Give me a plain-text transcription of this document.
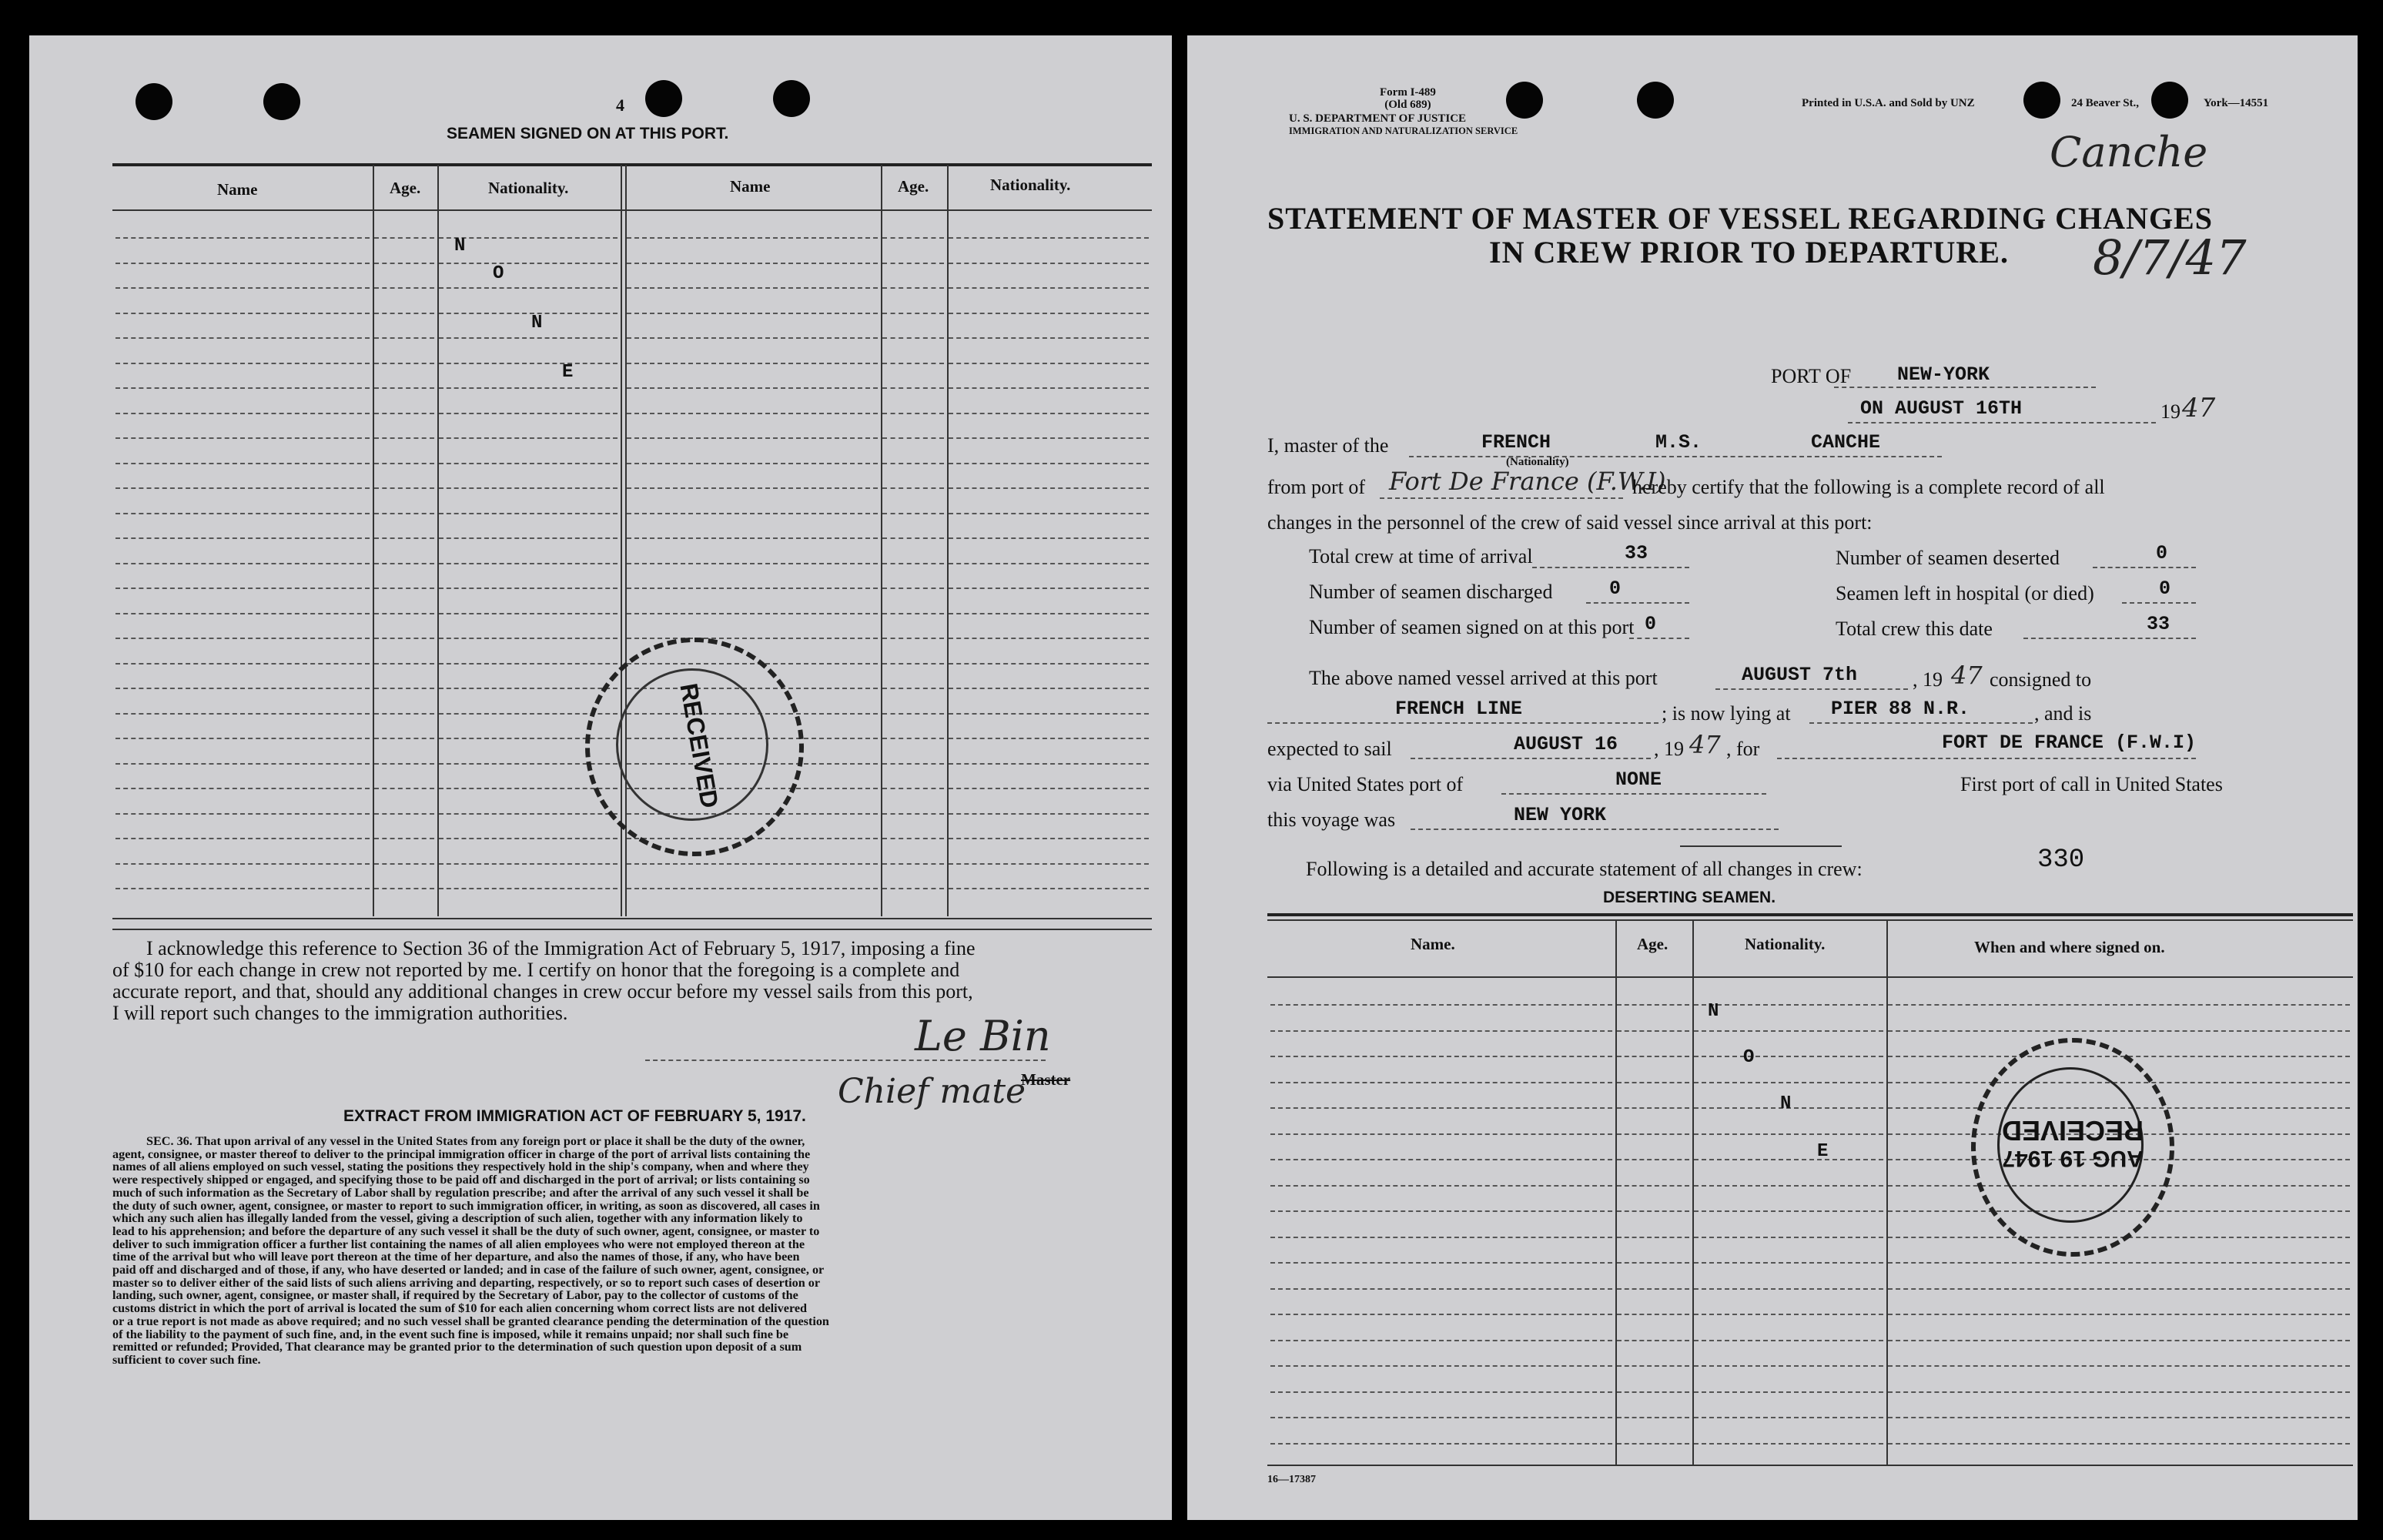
4
SEAMEN SIGNED ON AT THIS PORT.
Name	Age.	Nationality.	Name	Age.	Nationality.
N
O
N
E
RECEIVED
I acknowledge this reference to Section 36 of the Immigration Act of February 5, 1917, imposing a fine
of $10 for each change in crew not reported by me. I certify on honor that the foregoing is a complete and
accurate report, and that, should any additional changes in crew occur before my vessel sails from this port,
I will report such changes to the immigration authorities.	Le Bin
Chief mate
Master
EXTRACT FROM IMMIGRATION ACT OF FEBRUARY 5, 1917.
SEC. 36. That upon arrival of any vessel in the United States from any foreign port or place it shall be the duty of the owner,
agent, consignee, or master thereof to deliver to the principal immigration officer in charge of the port of arrival lists containing the
names of all aliens employed on such vessel, stating the positions they respectively hold in the ship's company, when and where they
were respectively shipped or engaged, and specifying those to be paid off and discharged in the port of arrival; or lists containing so
much of such information as the Secretary of Labor shall by regulation prescribe; and after the arrival of any such vessel it shall be
the duty of such owner, agent, consignee, or master to report to such immigration officer, in writing, as soon as discovered, all cases in
which any such alien has illegally landed from the vessel, giving a description of such alien, together with any information likely to
lead to his apprehension; and before the departure of any such vessel it shall be the duty of such owner, agent, consignee, or master to
deliver to such immigration officer a further list containing the names of all alien employees who were not employed thereon at the
time of the arrival but who will leave port thereon at the time of her departure, and also the names of those, if any, who have been
paid off and discharged and of those, if any, who have deserted or landed; and in case of the failure of such owner, agent, consignee, or
master so to deliver either of the said lists of such aliens arriving and departing, respectively, or so to report such cases of desertion or
landing, such owner, agent, consignee, or master shall, if required by the Secretary of Labor, pay to the collector of customs of the
customs district in which the port of arrival is located the sum of $10 for each alien concerning whom correct lists are not delivered
or a true report is not made as above required; and no such vessel shall be granted clearance pending the determination of the question
of the liability to the payment of such fine, and, in the event such fine is imposed, while it remains unpaid; nor shall such fine be
remitted or refunded; Provided, That clearance may be granted prior to the determination of such question upon deposit of a sum
sufficient to cover such fine.
Form I-489
(Old 689)
U. S. DEPARTMENT OF JUSTICE
IMMIGRATION AND NATURALIZATION SERVICE
Printed in U.S.A. and Sold by UNZ	24 Beaver St.,	York—14551
Canche
8/7/47
STATEMENT OF MASTER OF VESSEL REGARDING CHANGES
IN CREW PRIOR TO DEPARTURE.
PORT OF NEW-YORK
ON AUGUST 16TH	19 47
I, master of the	FRENCH
(Nationality)
M.S.	CANCHE
from port of Fort De France (F.W.I)
hereby certify that the following is a complete record of all
changes in the personnel of the crew of said vessel since arrival at this port:
Total crew at time of arrival	33	Number of seamen deserted	0
Number of seamen discharged	0	Seamen left in hospital (or died)	0
Number of seamen signed on at this port 0	Total crew this date	33
The above named vessel arrived at this port	AUGUST 7th	, 19 47 consigned to
FRENCH LINE	; is now lying at PIER 88 N.R.	, and is
expected to sail	AUGUST 16 , 19 47 , for	FORT DE FRANCE (F.W.I)
via United States port of	NONE	First port of call in United States
this voyage was	NEW YORK
Following is a detailed and accurate statement of all changes in crew:	330
DESERTING SEAMEN.
Name.	Age.	Nationality.	When and where signed on.
N
O
N
E	AUG 19 1947
RECEIVED
16—17387
